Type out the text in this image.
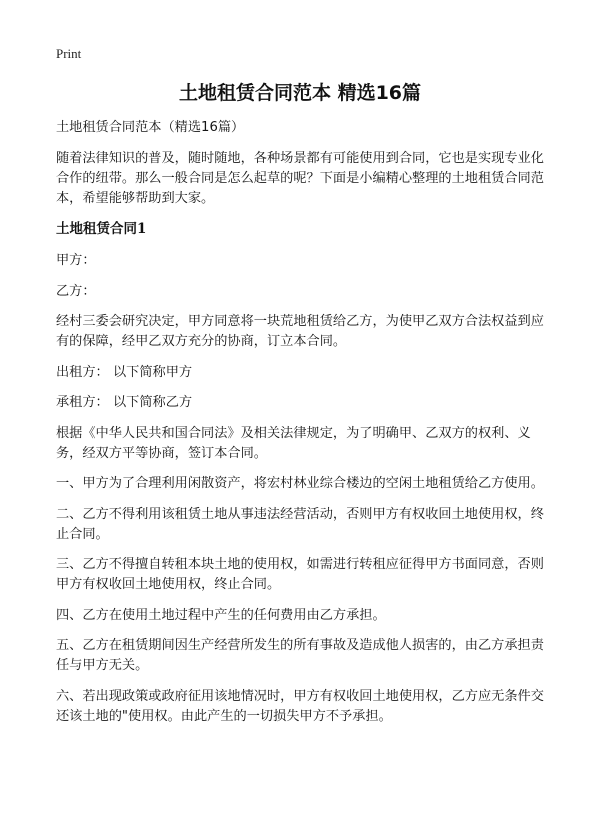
Print
土地租赁合同范本 精选16篇
土地租赁合同范本（精选16篇）
随着法律知识的普及，随时随地，各种场景都有可能使用到合同，它也是实现专业化合作的纽带。那么一般合同是怎么起草的呢？下面是小编精心整理的土地租赁合同范本，希望能够帮助到大家。
土地租赁合同1
甲方：
乙方：
经村三委会研究决定，甲方同意将一块荒地租赁给乙方，为使甲乙双方合法权益到应有的保障，经甲乙双方充分的协商，订立本合同。
出租方： 以下简称甲方
承租方： 以下简称乙方
根据《中华人民共和国合同法》及相关法律规定，为了明确甲、乙双方的权利、义务，经双方平等协商，签订本合同。
一、甲方为了合理利用闲散资产，将宏村林业综合楼边的空闲土地租赁给乙方使用。
二、乙方不得利用该租赁土地从事违法经营活动，否则甲方有权收回土地使用权，终止合同。
三、乙方不得擅自转租本块土地的使用权，如需进行转租应征得甲方书面同意，否则甲方有权收回土地使用权，终止合同。
四、乙方在使用土地过程中产生的任何费用由乙方承担。
五、乙方在租赁期间因生产经营所发生的所有事故及造成他人损害的，由乙方承担责任与甲方无关。
六、若出现政策或政府征用该地情况时，甲方有权收回土地使用权，乙方应无条件交还该土地的"使用权。由此产生的一切损失甲方不予承担。
